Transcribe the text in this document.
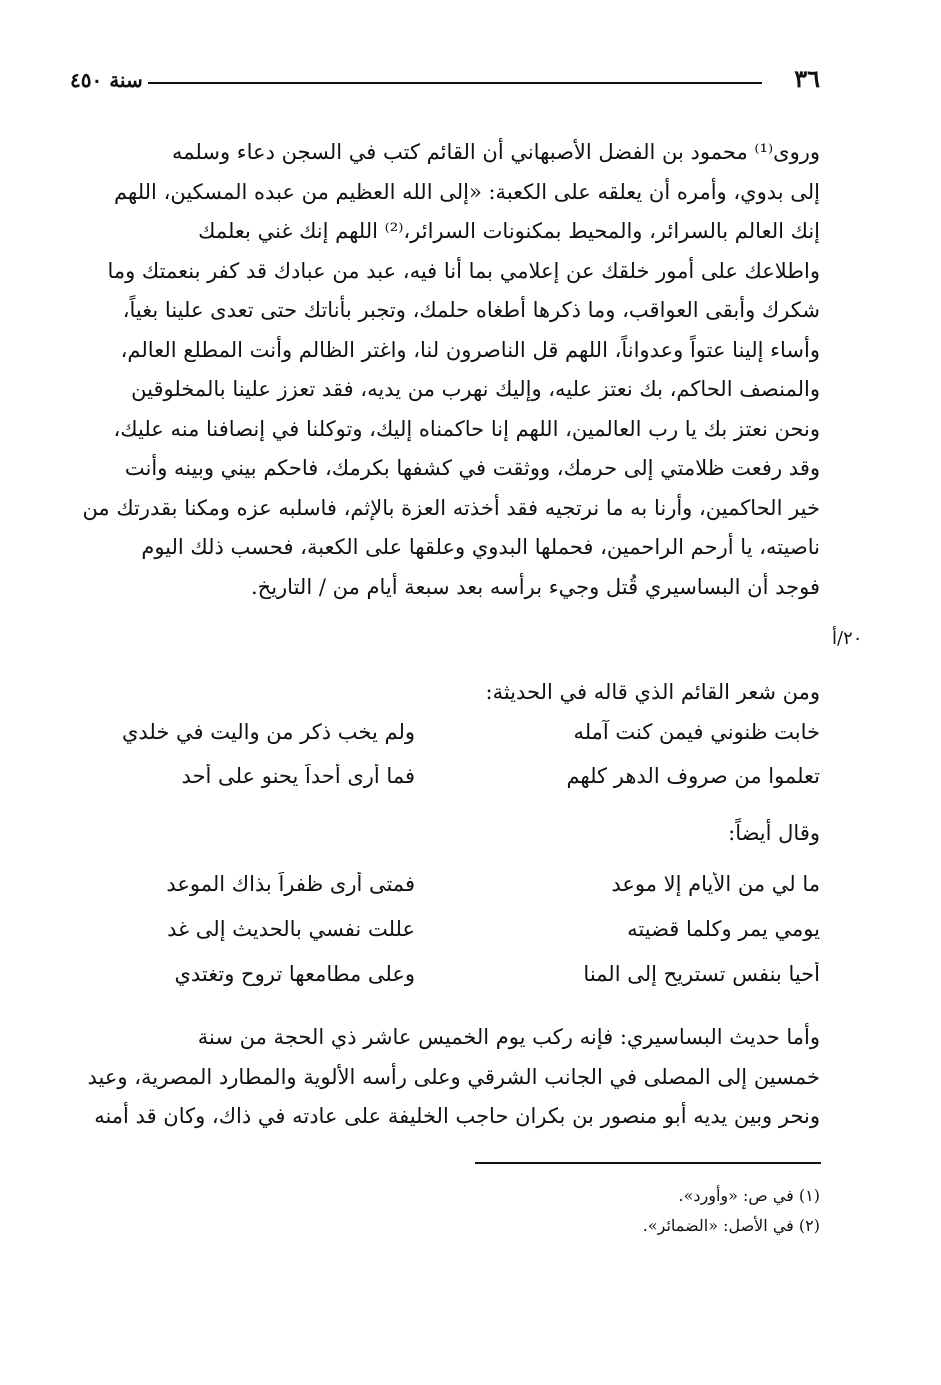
٣٦
سنة ٤٥٠
وروى⁽¹⁾ محمود بن الفضل الأصبهاني أن القائم كتب في السجن دعاء وسلمه
إلى بدوي، وأمره أن يعلقه على الكعبة: «إلى الله العظيم من عبده المسكين، اللهم
إنك العالم بالسرائر، والمحيط بمكنونات السرائر،⁽²⁾ اللهم إنك غني بعلمك
واطلاعك على أمور خلقك عن إعلامي بما أنا فيه، عبد من عبادك قد كفر بنعمتك وما
شكرك وأبقى العواقب، وما ذكرها أطغاه حلمك، وتجبر بأناتك حتى تعدى علينا بغياً،
وأساء إلينا عتواً وعدواناً، اللهم قل الناصرون لنا، واغتر الظالم وأنت المطلع العالم،
والمنصف الحاكم، بك نعتز عليه، وإليك نهرب من يديه، فقد تعزز علينا بالمخلوقين
ونحن نعتز بك يا رب العالمين، اللهم إنا حاكمناه إليك، وتوكلنا في إنصافنا منه عليك،
وقد رفعت ظلامتي إلى حرمك، ووثقت في كشفها بكرمك، فاحكم بيني وبينه وأنت
خير الحاكمين، وأرنا به ما نرتجيه فقد أخذته العزة بالإثم، فاسلبه عزه ومكنا بقدرتك من
ناصيته، يا أرحم الراحمين، فحملها البدوي وعلقها على الكعبة، فحسب ذلك اليوم
فوجد أن البساسيري قُتل وجيء برأسه بعد سبعة أيام من / التاريخ.
٢٠/أ
ومن شعر القائم الذي قاله في الحديثة:
خابت ظنوني فيمن كنت آمله
ولم يخب ذكر من واليت في خلدي
تعلموا من صروف الدهر كلهم
فما أرى أحداً يحنو على أحد
وقال أيضاً:
ما لي من الأيام إلا موعد
فمتى أرى ظفراً بذاك الموعد
يومي يمر وكلما قضيته
عللت نفسي بالحديث إلى غد
أحيا بنفس تستريح إلى المنا
وعلى مطامعها تروح وتغتدي
وأما حديث البساسيري: فإنه ركب يوم الخميس عاشر ذي الحجة من سنة
خمسين إلى المصلى في الجانب الشرقي وعلى رأسه الألوية والمطارد المصرية، وعيد
ونحر وبين يديه أبو منصور بن بكران حاجب الخليفة على عادته في ذاك، وكان قد أمنه
(١) في ص: «وأورد».
(٢) في الأصل: «الضمائر».
